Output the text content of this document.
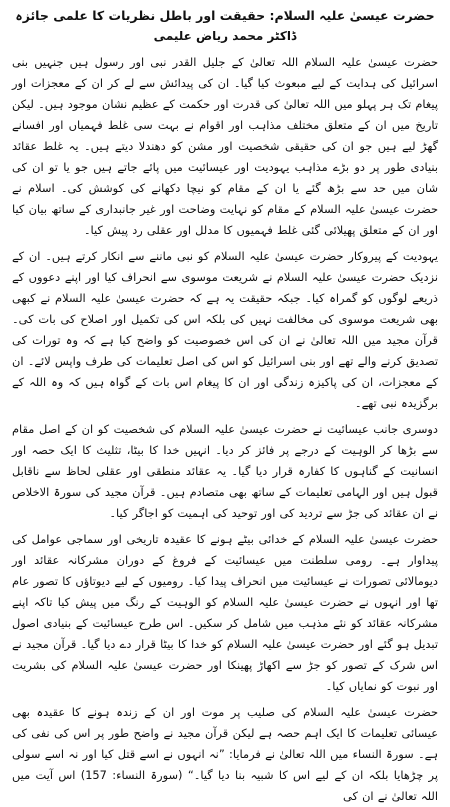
حضرت عیسیٰ علیہ السلام: حقیقت اور باطل نظریات کا علمی جائزہ
ڈاکٹر محمد ریاض علیمی

حضرت عیسیٰ علیہ السلام اللہ تعالیٰ کے جلیل القدر نبی اور رسول ہیں جنہیں بنی اسرائیل کی ہدایت کے لیے مبعوث کیا گیا۔ ان کی پیدائش سے لے کر ان کے معجزات اور پیغام تک ہر پہلو میں اللہ تعالیٰ کی قدرت اور حکمت کے عظیم نشان موجود ہیں۔ لیکن تاریخ میں ان کے متعلق مختلف مذاہب اور اقوام نے بہت سی غلط فہمیاں اور افسانے گھڑ لیے ہیں جو ان کی حقیقی شخصیت اور مشن کو دھندلا دیتے ہیں۔ یہ غلط عقائد بنیادی طور پر دو بڑے مذاہب یہودیت اور عیسائیت میں پائے جاتے ہیں جو یا تو ان کی شان میں حد سے بڑھ گئے یا ان کے مقام کو نیچا دکھانے کی کوشش کی۔ اسلام نے حضرت عیسیٰ علیہ السلام کے مقام کو نہایت وضاحت اور غیر جانبداری کے ساتھ بیان کیا اور ان کے متعلق پھیلائی گئی غلط فہمیوں کا مدلل اور عقلی رد پیش کیا۔

یہودیت کے پیروکار حضرت عیسیٰ علیہ السلام کو نبی ماننے سے انکار کرتے ہیں۔ ان کے نزدیک حضرت عیسیٰ علیہ السلام نے شریعت موسوی سے انحراف کیا اور اپنے دعووں کے ذریعے لوگوں کو گمراہ کیا۔ جبکہ حقیقت یہ ہے کہ حضرت عیسیٰ علیہ السلام نے کبھی بھی شریعت موسوی کی مخالفت نہیں کی بلکہ اس کی تکمیل اور اصلاح کی بات کی۔ قرآن مجید میں اللہ تعالیٰ نے ان کی اس خصوصیت کو واضح کیا ہے کہ وہ تورات کی تصدیق کرنے والے تھے اور بنی اسرائیل کو اس کی اصل تعلیمات کی طرف واپس لائے۔ ان کے معجزات، ان کی پاکیزہ زندگی اور ان کا پیغام اس بات کے گواہ ہیں کہ وہ اللہ کے برگزیدہ نبی تھے۔

دوسری جانب عیسائیت نے حضرت عیسیٰ علیہ السلام کی شخصیت کو ان کے اصل مقام سے بڑھا کر الوہیت کے درجے پر فائز کر دیا۔ انہیں خدا کا بیٹا، تثلیث کا ایک حصہ اور انسانیت کے گناہوں کا کفارہ قرار دیا گیا۔ یہ عقائد منطقی اور عقلی لحاظ سے ناقابل قبول ہیں اور الہامی تعلیمات کے ساتھ بھی متصادم ہیں۔ قرآن مجید کی سورۃ الاخلاص نے ان عقائد کی جڑ سے تردید کی اور توحید کی اہمیت کو اجاگر کیا۔

حضرت عیسیٰ علیہ السلام کے خدائی بیٹے ہونے کا عقیدہ تاریخی اور سماجی عوامل کی پیداوار ہے۔ رومی سلطنت میں عیسائیت کے فروغ کے دوران مشرکانہ عقائد اور دیومالائی تصورات نے عیسائیت میں انحراف پیدا کیا۔ رومیوں کے لیے دیوتاؤں کا تصور عام تھا اور انہوں نے حضرت عیسیٰ علیہ السلام کو الوہیت کے رنگ میں پیش کیا تاکہ اپنے مشرکانہ عقائد کو نئے مذہب میں شامل کر سکیں۔ اس طرح عیسائیت کے بنیادی اصول تبدیل ہو گئے اور حضرت عیسیٰ علیہ السلام کو خدا کا بیٹا قرار دے دیا گیا۔ قرآن مجید نے اس شرک کے تصور کو جڑ سے اکھاڑ پھینکا اور حضرت عیسیٰ علیہ السلام کی بشریت اور نبوت کو نمایاں کیا۔

حضرت عیسیٰ علیہ السلام کی صلیب پر موت اور ان کے زندہ ہونے کا عقیدہ بھی عیسائی تعلیمات کا ایک اہم حصہ ہے لیکن قرآن مجید نے واضح طور پر اس کی نفی کی ہے۔ سورۃ النساء میں اللہ تعالیٰ نے فرمایا: ”نہ انہوں نے اسے قتل کیا اور نہ اسے سولی پر چڑھایا بلکہ ان کے لیے اس کا شبیہ بنا دیا گیا۔“ (سورۃ النساء: 157) اس آیت میں اللہ تعالیٰ نے ان کی
